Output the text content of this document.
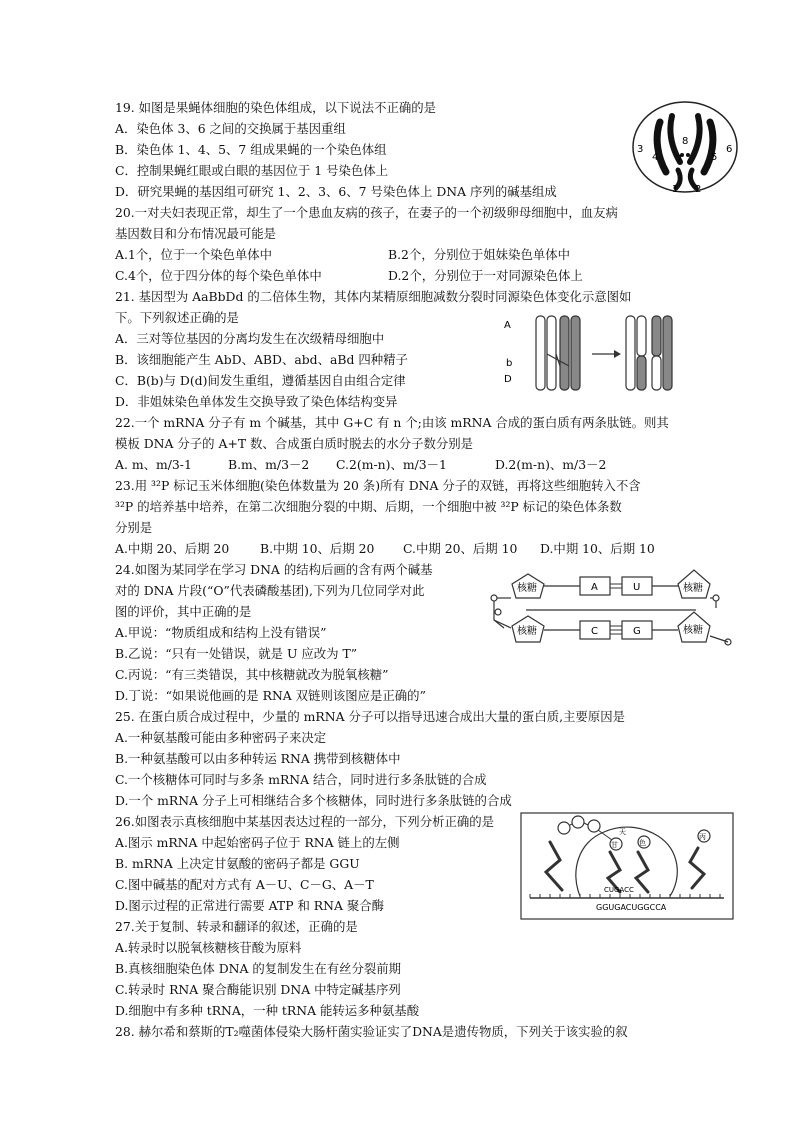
19. 如图是果蝇体细胞的染色体组成，以下说法不正确的是
A．染色体 3、6 之间的交换属于基因重组
B．染色体 1、4、5、7 组成果蝇的一个染色体组
C．控制果蝇红眼或白眼的基因位于 1 号染色体上
D．研究果蝇的基因组可研究 1、2、3、6、7 号染色体上 DNA 序列的碱基组成
3
4
8
7	5
6
1 2
20.一对夫妇表现正常，却生了一个患血友病的孩子，在妻子的一个初级卵母细胞中，血友病
基因数目和分布情况最可能是
A.1个，位于一个染色单体中	B.2个，分别位于姐妹染色单体中
C.4个，位于四分体的每个染色单体中	D.2个，分别位于一对同源染色体上
21. 基因型为 AaBbDd 的二倍体生物，其体内某精原细胞减数分裂时同源染色体变化示意图如
下。下列叙述正确的是
A．三对等位基因的分离均发生在次级精母细胞中
B．该细胞能产生 AbD、ABD、abd、aBd 四种精子
C．B(b)与 D(d)间发生重组，遵循基因自由组合定律
D．非姐妹染色单体发生交换导致了染色体结构变异
A
b
D
22.一个 mRNA 分子有 m 个碱基，其中 G+C 有 n 个;由该 mRNA 合成的蛋白质有两条肽链。则其
模板 DNA 分子的 A+T 数、合成蛋白质时脱去的水分子数分别是
A. m、m/3-1	B.m、m/3－2 C.2(m-n)、m/3－1	D.2(m-n)、m/3－2
23.用 ³²P 标记玉米体细胞(染色体数量为 20 条)所有 DNA 分子的双链，再将这些细胞转入不含
³²P 的培养基中培养，在第二次细胞分裂的中期、后期，一个细胞中被 ³²P 标记的染色体条数
分别是
A.中期 20、后期 20 B.中期 10、后期 20 C.中期 20、后期 10 D.中期 10、后期 10
24.如图为某同学在学习 DNA 的结构后画的含有两个碱基
对的 DNA 片段(“O”代表磷酸基团),下列为几位同学对此
图的评价，其中正确的是
A.甲说：“物质组成和结构上没有错误”
B.乙说：“只有一处错误，就是 U 应改为 T”
C.丙说：“有三类错误，其中核糖就改为脱氧核糖”
D.丁说：“如果说他画的是 RNA 双链则该图应是正确的”
核糖	A	U	核糖
核糖	C	G	核糖
25. 在蛋白质合成过程中，少量的 mRNA 分子可以指导迅速合成出大量的蛋白质,主要原因是
A.一种氨基酸可能由多种密码子来决定
B.一种氨基酸可以由多种转运 RNA 携带到核糖体中
C.一个核糖体可同时与多条 mRNA 结合，同时进行多条肽链的合成
D.一个 mRNA 分子上可相继结合多个核糖体，同时进行多条肽链的合成
26.如图表示真核细胞中某基因表达过程的一部分，下列分析正确的是
A.图示 mRNA 中起始密码子位于 RNA 链上的左侧
B. mRNA 上决定甘氨酸的密码子都是 GGU
C.图中碱基的配对方式有 A－U、C－G、A－T
D.图示过程的正常进行需要 ATP 和 RNA 聚合酶
甘
天
色
丙
CUGACC
GGUGACUGGCCA
27.关于复制、转录和翻译的叙述，正确的是
A.转录时以脱氧核糖核苷酸为原料
B.真核细胞染色体 DNA 的复制发生在有丝分裂前期
C.转录时 RNA 聚合酶能识别 DNA 中特定碱基序列
D.细胞中有多种 tRNA，一种 tRNA 能转运多种氨基酸
28. 赫尔希和蔡斯的T₂噬菌体侵染大肠杆菌实验证实了DNA是遗传物质，下列关于该实验的叙
